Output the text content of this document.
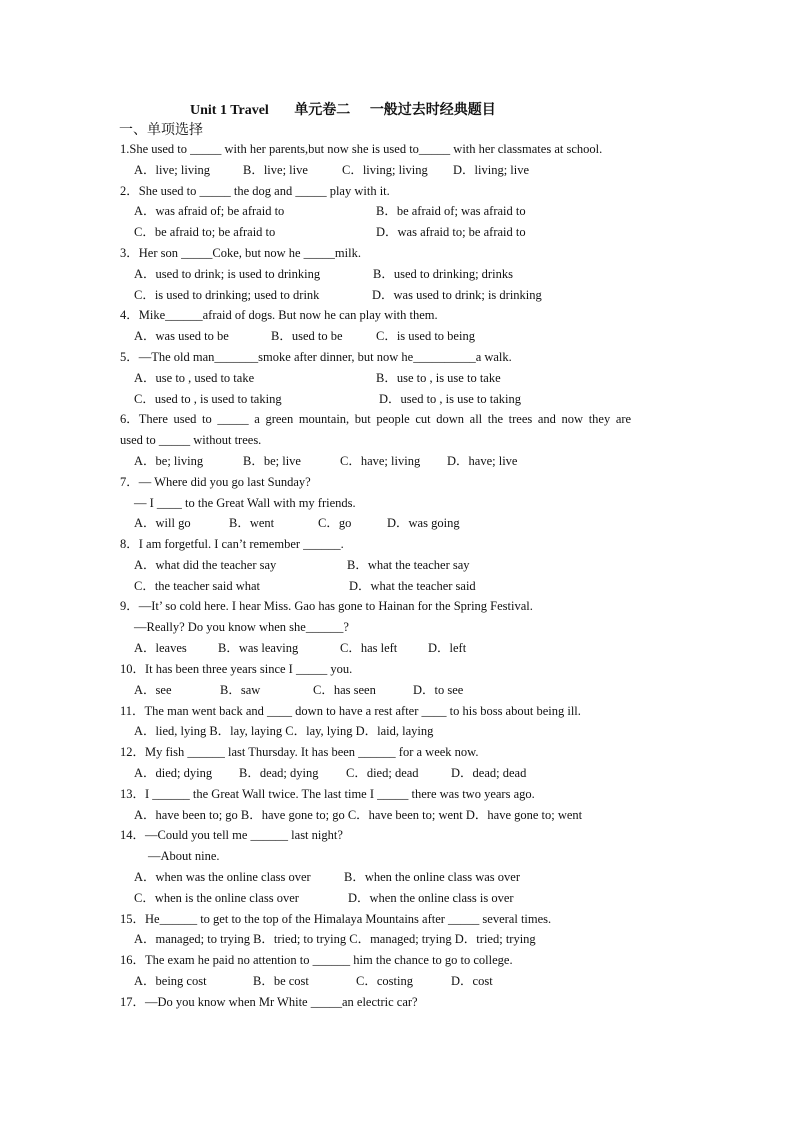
Unit 1 Travel 单元卷二 一般过去时经典题目
一、单项选择
1.She used to _____ with her parents,but now she is used to_____ with her classmates at school.
A．live; living	B．live; live	C．living; living D．living; live
2．She used to _____ the dog and _____ play with it.
A．was afraid of; be afraid to	B．be afraid of; was afraid to
C．be afraid to; be afraid to	D．was afraid to; be afraid to
3．Her son _____Coke, but now he _____milk.
A．used to drink; is used to drinking	B．used to drinking; drinks
C．is used to drinking; used to drink	D．was used to drink; is drinking
4．Mike______afraid of dogs. But now he can play with them.
A．was used to be	B．used to be	C．is used to being
5．—The old man_______smoke after dinner, but now he__________a walk.
A．use to , used to take	B．use to , is use to take
C．used to , is used to taking	D．used to , is use to taking
6．There used to _____ a green mountain, but people cut down all the trees and now they are
used to _____ without trees.
A．be; living	B．be; live	C．have; living D．have; live
7．— Where did you go last Sunday?
— I ____ to the Great Wall with my friends.
A．will go	B．went	C．go	D．was going
8．I am forgetful. I can’t remember ______.
A．what did the teacher say	B．what the teacher say
C．the teacher said what	D．what the teacher said
9．—It’ so cold here. I hear Miss. Gao has gone to Hainan for the Spring Festival.
—Really? Do you know when she______?
A．leaves B．was leaving	C．has left D．left
10．It has been three years since I _____ you.
A．see	B．saw	C．has seen	D．to see
11．The man went back and ____ down to have a rest after ____ to his boss about being ill.
A．lied, lying B．lay, laying C．lay, lying D．laid, laying
12．My fish ______ last Thursday. It has been ______ for a week now.
A．died; dying B．dead; dying C．died; dead	D．dead; dead
13．I ______ the Great Wall twice. The last time I _____ there was two years ago.
A．have been to; go B．have gone to; go C．have been to; went D．have gone to; went
14．—Could you tell me ______ last night?
—About nine.
A．when was the online class over	B．when the online class was over
C．when is the online class over	D．when the online class is over
15．He______ to get to the top of the Himalaya Mountains after _____ several times.
A．managed; to trying B．tried; to trying C．managed; trying D．tried; trying
16．The exam he paid no attention to ______ him the chance to go to college.
A．being cost	B．be cost	C．costing	D．cost
17．—Do you know when Mr White _____an electric car?
